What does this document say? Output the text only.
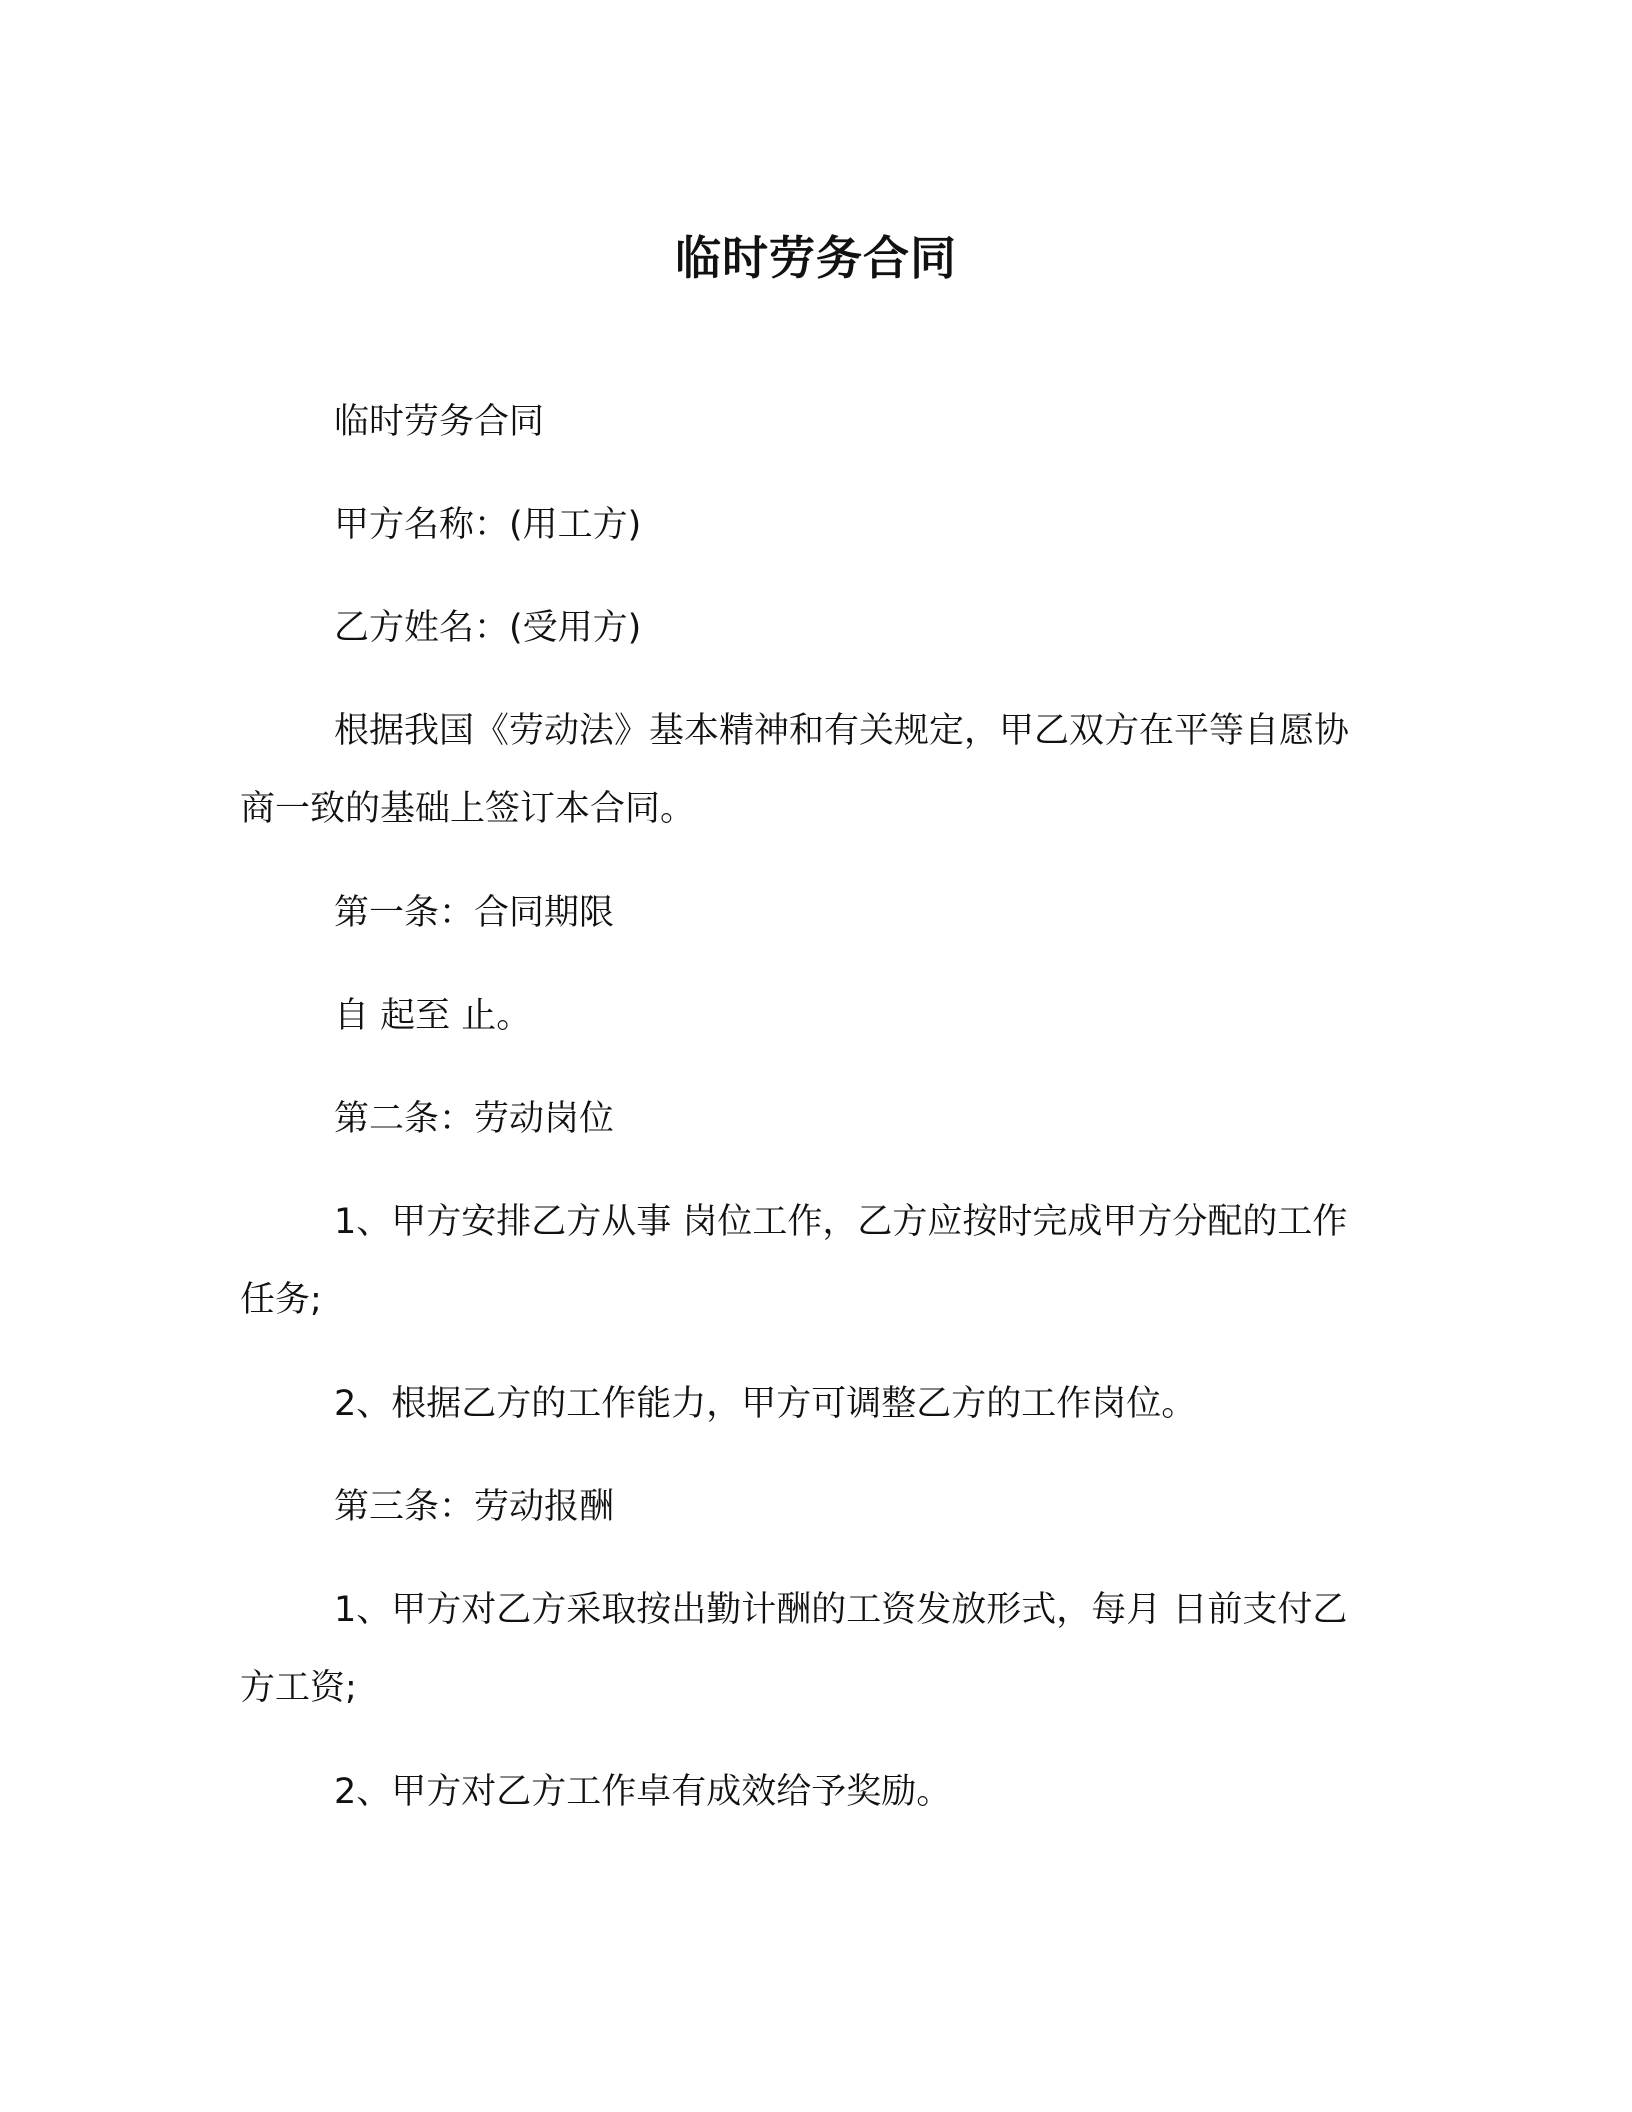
临时劳务合同

临时劳务合同

甲方名称：(用工方)

乙方姓名：(受用方)

根据我国《劳动法》基本精神和有关规定，甲乙双方在平等自愿协商一致的基础上签订本合同。

第一条：合同期限

自 起至 止。

第二条：劳动岗位

1、甲方安排乙方从事 岗位工作，乙方应按时完成甲方分配的工作任务;

2、根据乙方的工作能力，甲方可调整乙方的工作岗位。

第三条：劳动报酬

1、甲方对乙方采取按出勤计酬的工资发放形式，每月 日前支付乙方工资;

2、甲方对乙方工作卓有成效给予奖励。
